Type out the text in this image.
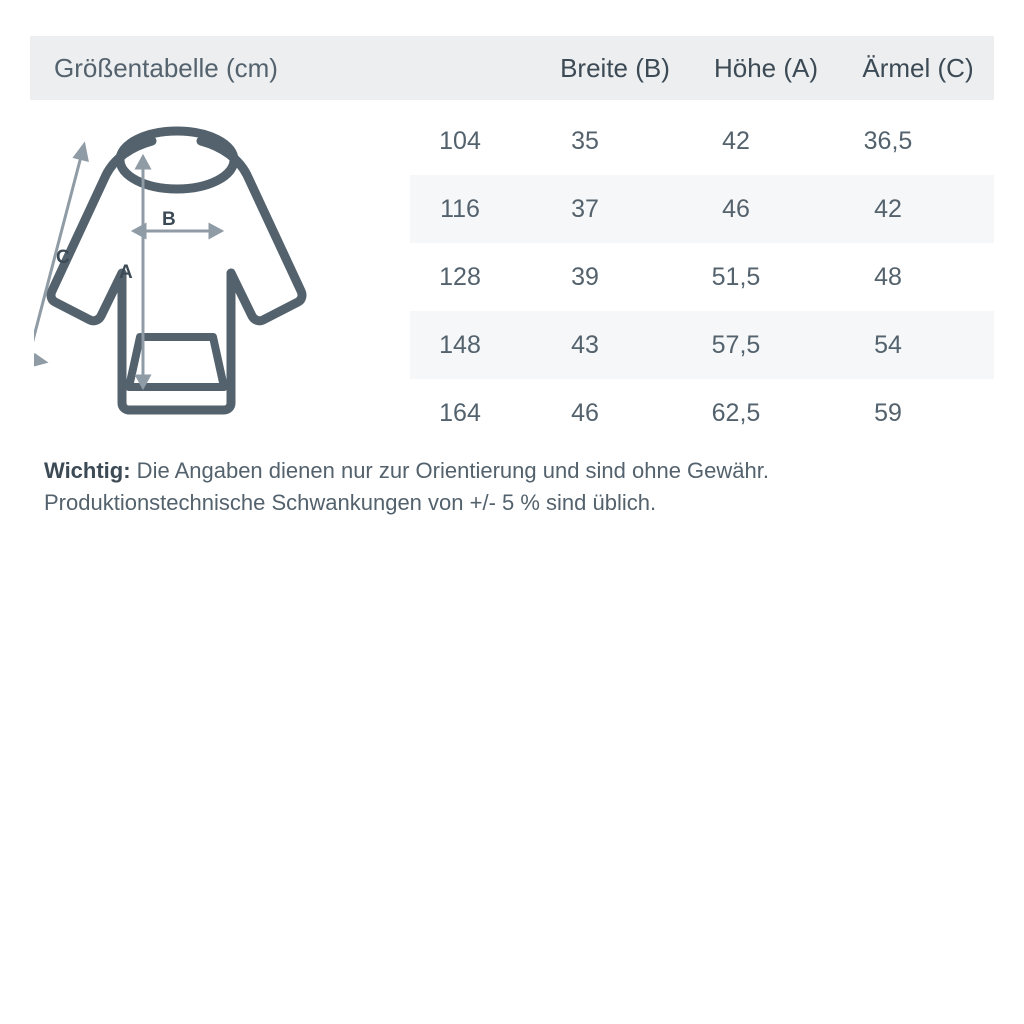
Größentabelle (cm)	Breite (B)	Höhe (A)	Ärmel (C)
B
A
C
104	35	42	36,5
116	37	46	42
128	39	51,5	48
148	43	57,5	54
164	46	62,5	59
Wichtig: Die Angaben dienen nur zur Orientierung und sind ohne Gewähr.
Produktionstechnische Schwankungen von +/- 5 % sind üblich.
